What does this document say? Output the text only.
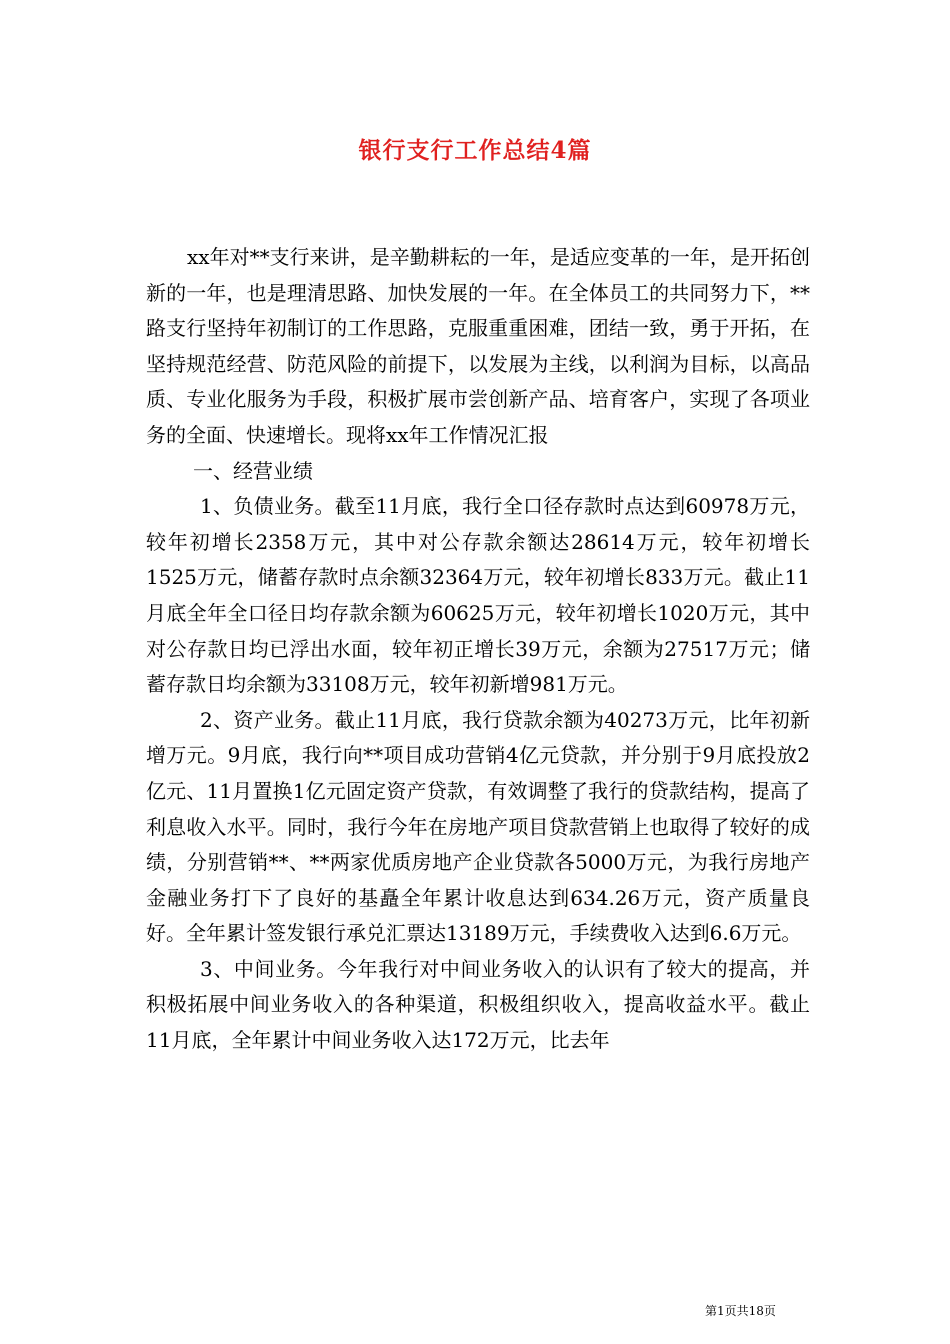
银行支行工作总结4篇

xx年对**支行来讲，是辛勤耕耘的一年，是适应变革的一年，是开拓创新的一年，也是理清思路、加快发展的一年。在全体员工的共同努力下，**路支行坚持年初制订的工作思路，克服重重困难，团结一致，勇于开拓，在坚持规范经营、防范风险的前提下，以发展为主线，以利润为目标，以高品质、专业化服务为手段，积极扩展市尝创新产品、培育客户，实现了各项业务的全面、快速增长。现将xx年工作情况汇报

一、经营业绩

1、负债业务。截至11月底，我行全口径存款时点达到60978万元，较年初增长2358万元，其中对公存款余额达28614万元，较年初增长1525万元，储蓄存款时点余额32364万元，较年初增长833万元。截止11月底全年全口径日均存款余额为60625万元，较年初增长1020万元，其中对公存款日均已浮出水面，较年初正增长39万元，余额为27517万元；储蓄存款日均余额为33108万元，较年初新增981万元。

2、资产业务。截止11月底，我行贷款余额为40273万元，比年初新增万元。9月底，我行向**项目成功营销4亿元贷款，并分别于9月底投放2亿元、11月置换1亿元固定资产贷款，有效调整了我行的贷款结构，提高了利息收入水平。同时，我行今年在房地产项目贷款营销上也取得了较好的成绩，分别营销**、**两家优质房地产企业贷款各5000万元，为我行房地产金融业务打下了良好的基矗全年累计收息达到634.26万元，资产质量良好。全年累计签发银行承兑汇票达13189万元，手续费收入达到6.6万元。

3、中间业务。今年我行对中间业务收入的认识有了较大的提高，并积极拓展中间业务收入的各种渠道，积极组织收入，提高收益水平。截止11月底，全年累计中间业务收入达172万元，比去年

第1页共18页
